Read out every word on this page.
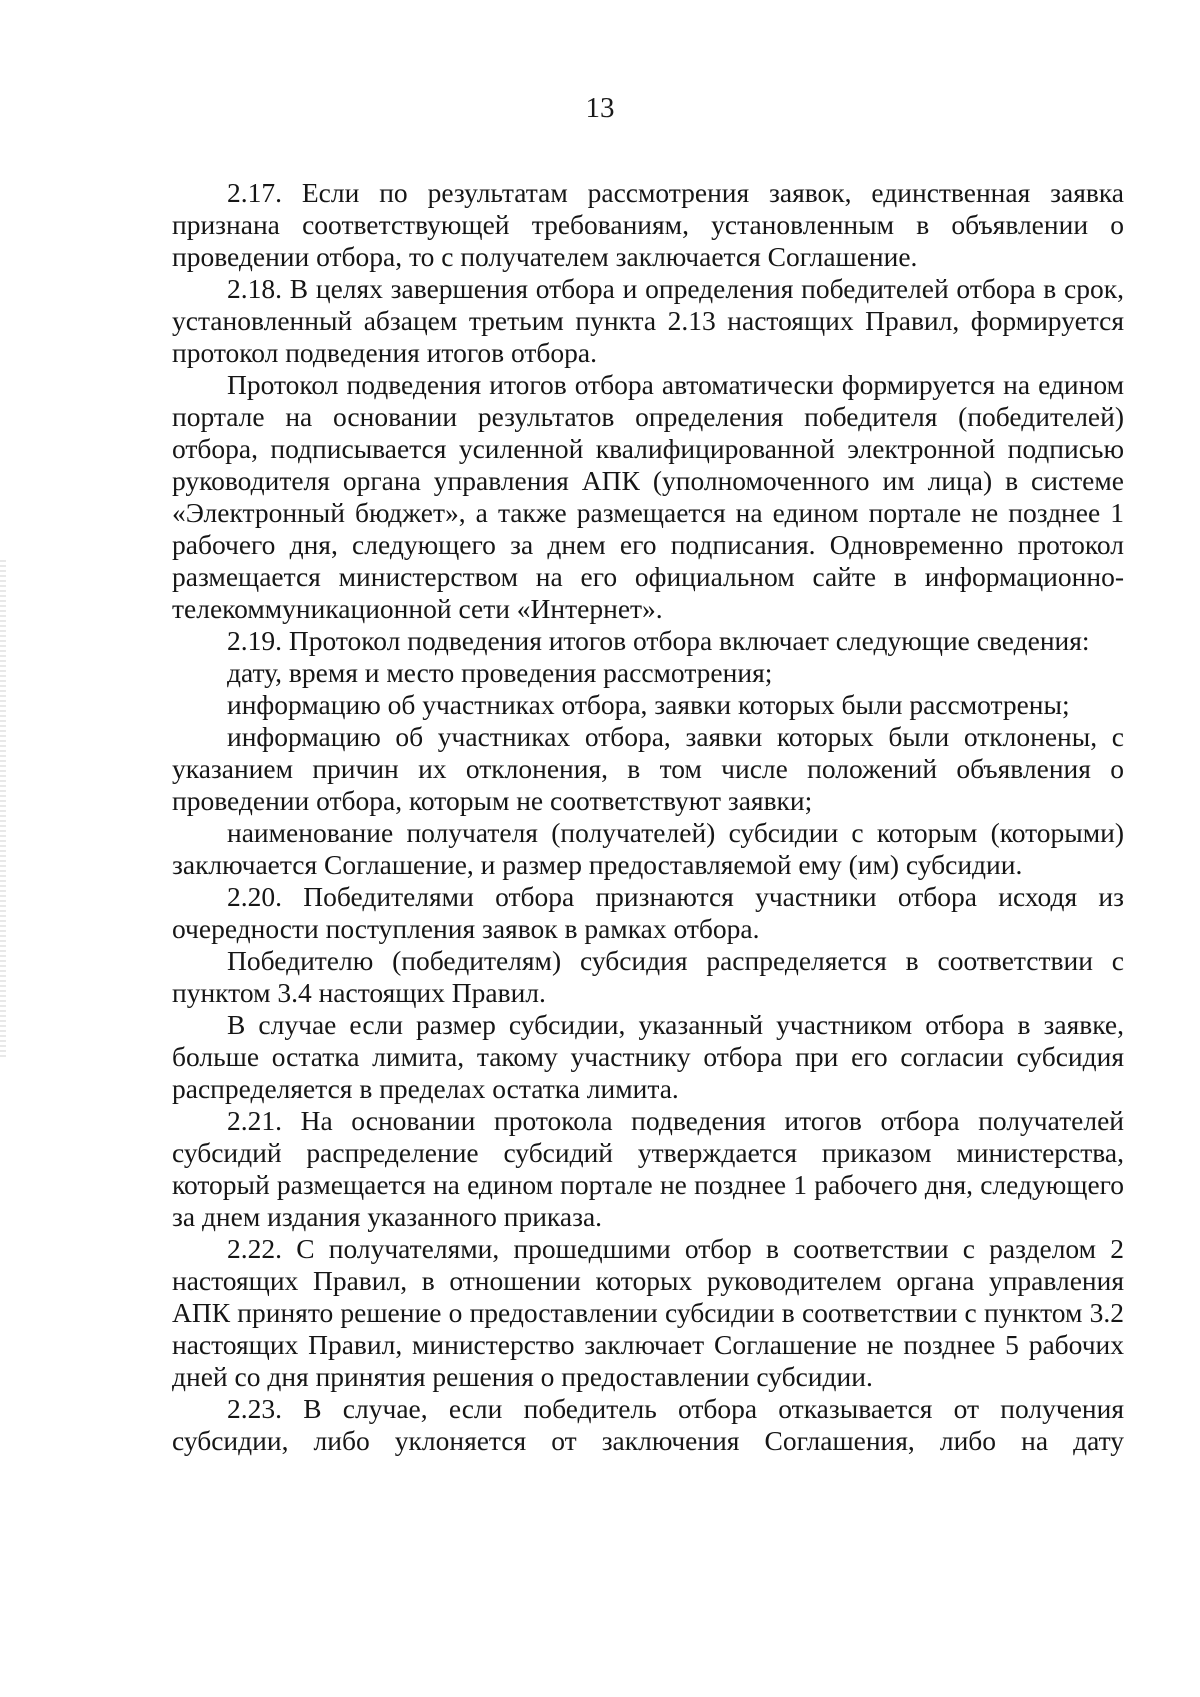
13

2.17. Если по результатам рассмотрения заявок, единственная заявка признана соответствующей требованиям, установленным в объявлении о проведении отбора, то с получателем заключается Соглашение.

2.18. В целях завершения отбора и определения победителей отбора в срок, установленный абзацем третьим пункта 2.13 настоящих Правил, формируется протокол подведения итогов отбора.

Протокол подведения итогов отбора автоматически формируется на едином портале на основании результатов определения победителя (победителей) отбора, подписывается усиленной квалифицированной электронной подписью руководителя органа управления АПК (уполномоченного им лица) в системе «Электронный бюджет», а также размещается на едином портале не позднее 1 рабочего дня, следующего за днем его подписания. Одновременно протокол размещается министерством на его официальном сайте в информационно-телекоммуникационной сети «Интернет».

2.19. Протокол подведения итогов отбора включает следующие сведения:

дату, время и место проведения рассмотрения;

информацию об участниках отбора, заявки которых были рассмотрены;

информацию об участниках отбора, заявки которых были отклонены, с указанием причин их отклонения, в том числе положений объявления о проведении отбора, которым не соответствуют заявки;

наименование получателя (получателей) субсидии с которым (которыми) заключается Соглашение, и размер предоставляемой ему (им) субсидии.

2.20. Победителями отбора признаются участники отбора исходя из очередности поступления заявок в рамках отбора.

Победителю (победителям) субсидия распределяется в соответствии с пунктом 3.4 настоящих Правил.

В случае если размер субсидии, указанный участником отбора в заявке, больше остатка лимита, такому участнику отбора при его согласии субсидия распределяется в пределах остатка лимита.

2.21. На основании протокола подведения итогов отбора получателей субсидий распределение субсидий утверждается приказом министерства, который размещается на едином портале не позднее 1 рабочего дня, следующего за днем издания указанного приказа.

2.22. С получателями, прошедшими отбор в соответствии с разделом 2 настоящих Правил, в отношении которых руководителем органа управления АПК принято решение о предоставлении субсидии в соответствии с пунктом 3.2 настоящих Правил, министерство заключает Соглашение не позднее 5 рабочих дней со дня принятия решения о предоставлении субсидии.

2.23. В случае, если победитель отбора отказывается от получения субсидии, либо уклоняется от заключения Соглашения, либо на дату
